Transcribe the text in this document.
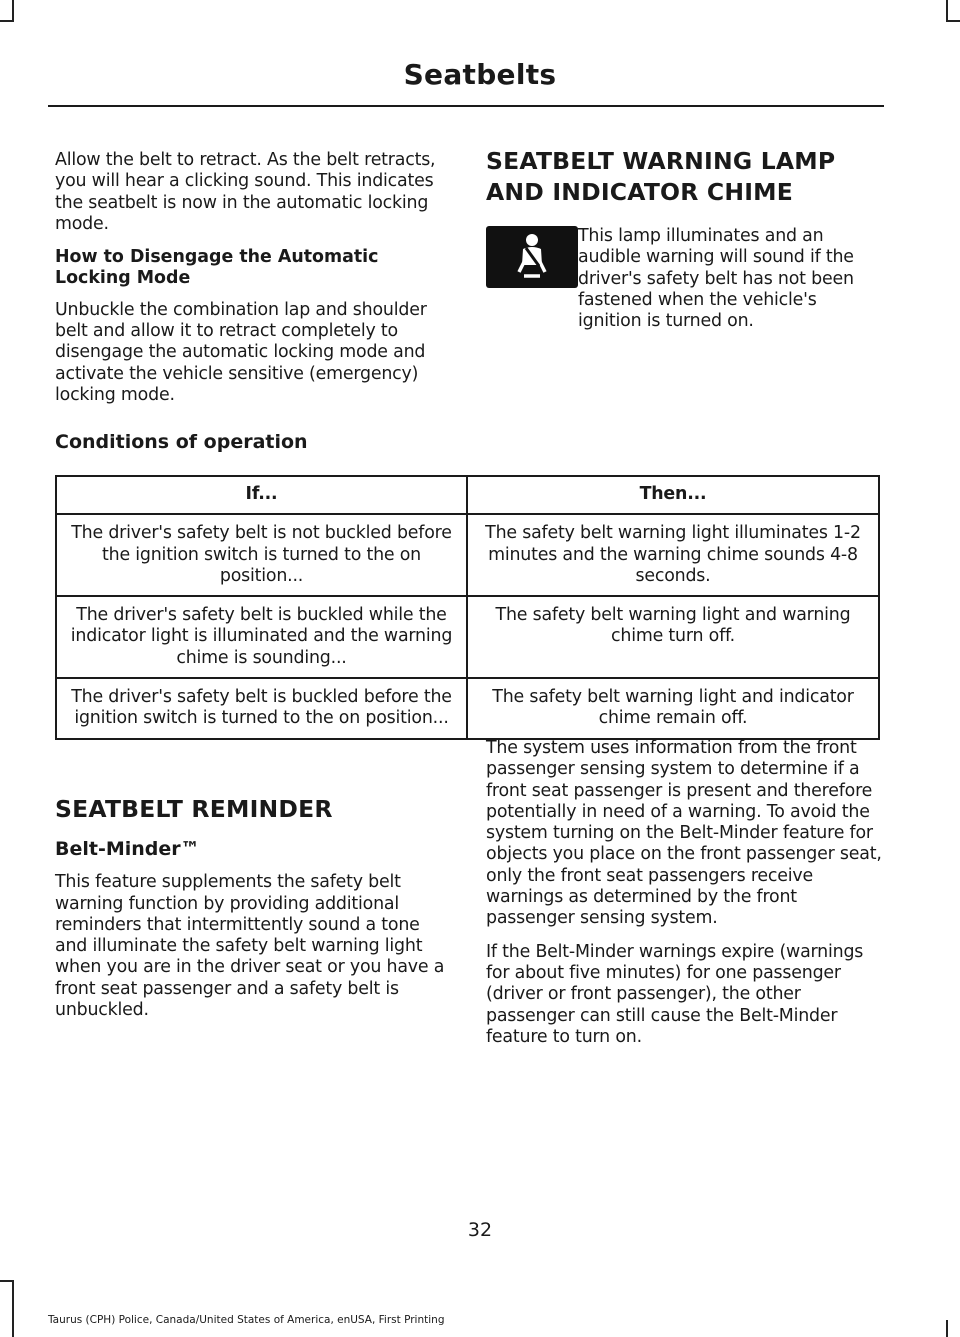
Seatbelts

Allow the belt to retract. As the belt retracts, you will hear a clicking sound. This indicates the seatbelt is now in the automatic locking mode.

How to Disengage the Automatic Locking Mode

Unbuckle the combination lap and shoulder belt and allow it to retract completely to disengage the automatic locking mode and activate the vehicle sensitive (emergency) locking mode.

SEATBELT WARNING LAMP
AND INDICATOR CHIME
This lamp illuminates and an audible warning will sound if the driver's safety belt has not been fastened when the vehicle's ignition is turned on.
Conditions of operation
If...	Then...
The driver's safety belt is not buckled before the ignition switch is turned to the on position...	The safety belt warning light illuminates 1-2 minutes and the warning chime sounds 4-8 seconds.
The driver's safety belt is buckled while the indicator light is illuminated and the warning chime is sounding...	The safety belt warning light and warning chime turn off.
The driver's safety belt is buckled before the ignition switch is turned to the on position...	The safety belt warning light and indicator chime remain off.
SEATBELT REMINDER
Belt-Minder™

This feature supplements the safety belt warning function by providing additional reminders that intermittently sound a tone and illuminate the safety belt warning light when you are in the driver seat or you have a front seat passenger and a safety belt is unbuckled.

The system uses information from the front passenger sensing system to determine if a front seat passenger is present and therefore potentially in need of a warning. To avoid the system turning on the Belt-Minder feature for objects you place on the front passenger seat, only the front seat passengers receive warnings as determined by the front passenger sensing system.

If the Belt-Minder warnings expire (warnings for about five minutes) for one passenger (driver or front passenger), the other passenger can still cause the Belt-Minder feature to turn on.

32
Taurus (CPH) Police, Canada/United States of America, enUSA, First Printing
